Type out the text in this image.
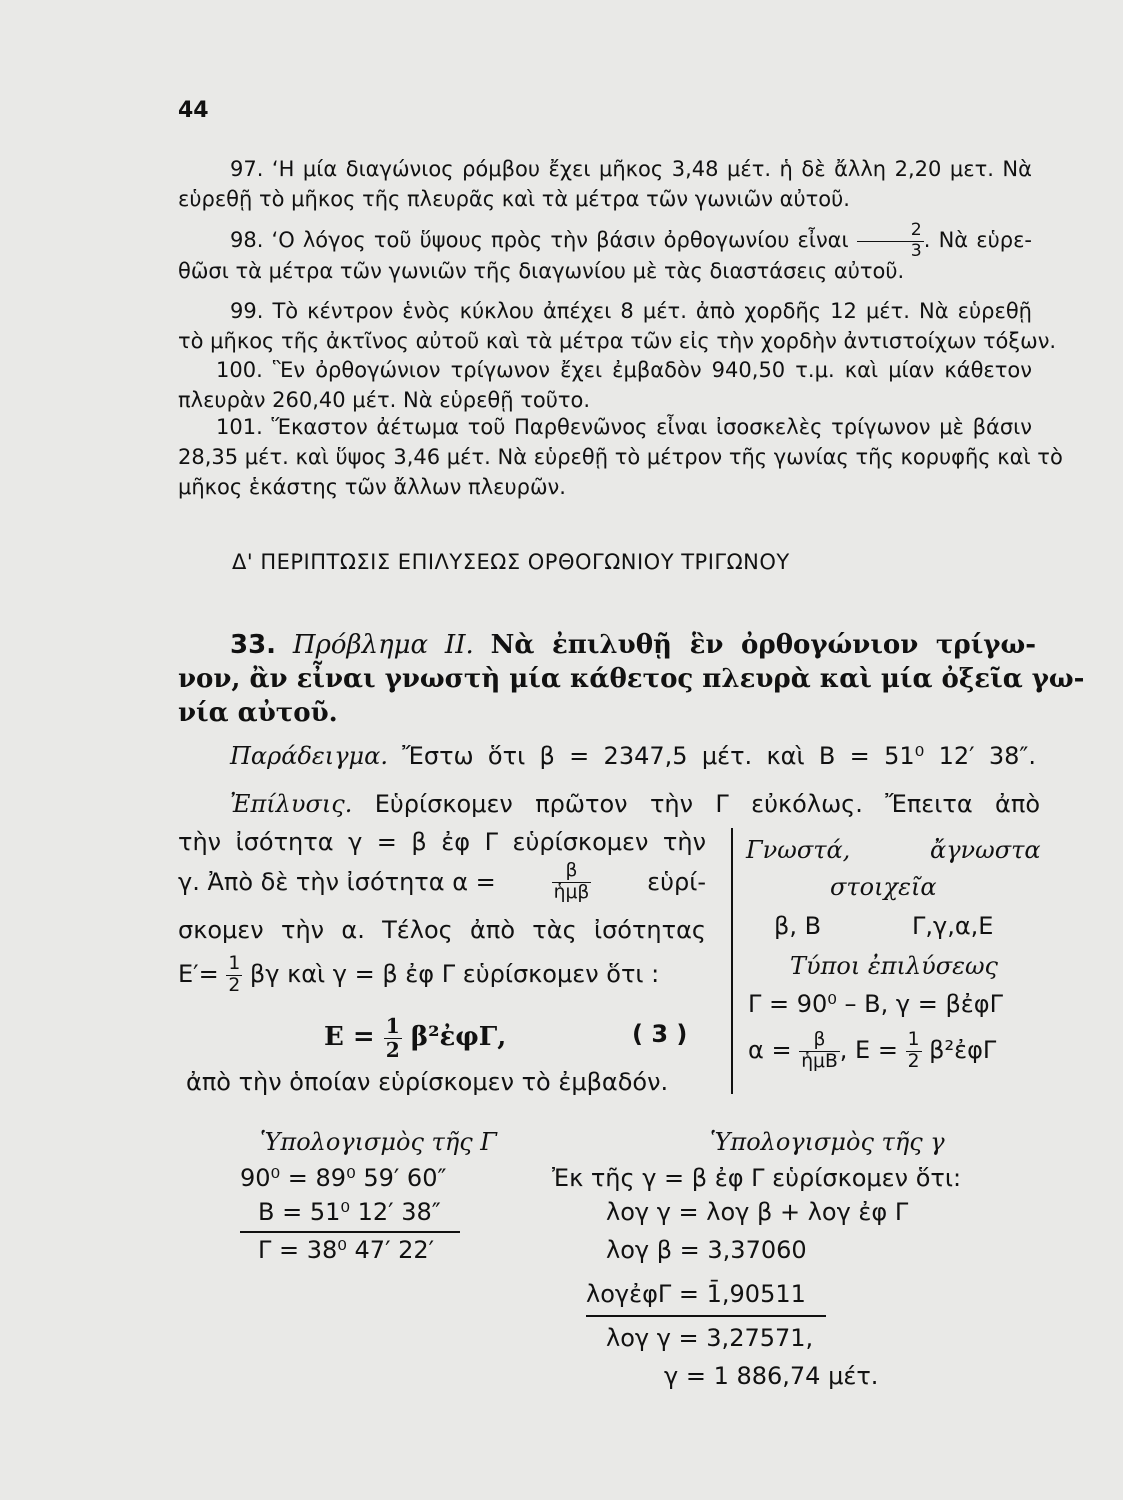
44
97. ‘Η μία διαγώνιος ρόμβου ἔχει μῆκος 3,48 μέτ. ἡ δὲ ἄλλη 2,20 μετ. Νὰ
εὑρεθῇ τὸ μῆκος τῆς πλευρᾶς καὶ τὰ μέτρα τῶν γωνιῶν αὐτοῦ.
98. ‘Ο λόγος τοῦ ὕψους πρὸς τὴν βάσιν ὀρθογωνίου εἶναι $\frac{2}{3}$ . Νὰ εὑρε-
θῶσι τὰ μέτρα τῶν γωνιῶν τῆς διαγωνίου μὲ τὰς διαστάσεις αὐτοῦ.
99. Τὸ κέντρον ἑνὸς κύκλου ἀπέχει 8 μέτ. ἀπὸ χορδῆς 12 μέτ. Νὰ εὑρεθῇ
τὸ μῆκος τῆς ἀκτῖνος αὐτοῦ καὶ τὰ μέτρα τῶν εἰς τὴν χορδὴν ἀντιστοίχων τόξων.
100. Ἓν ὀρθογώνιον τρίγωνον ἔχει ἐμβαδὸν 940,50 τ.μ. καὶ μίαν κάθετον
πλευρὰν 260,40 μέτ. Νὰ εὑρεθῇ τοῦτο.
101. Ἕκαστον ἀέτωμα τοῦ Παρθενῶνος εἶναι ἰσοσκελὲς τρίγωνον μὲ βάσιν
28,35 μέτ. καὶ ὕψος 3,46 μέτ. Νὰ εὑρεθῇ τὸ μέτρον τῆς γωνίας τῆς κορυφῆς καὶ τὸ
μῆκος ἑκάστης τῶν ἄλλων πλευρῶν.
Δ' ΠΕΡΙΠΤΩΣΙΣ ΕΠΙΛΥΣΕΩΣ ΟΡΘΟΓΩΝΙΟΥ ΤΡΙΓΩΝΟΥ
33. Πρόβλημα II. Νὰ ἐπιλυθῇ ἓν ὀρθογώνιον τρίγω-
νον, ἂν εἶναι γνωστὴ μία κάθετος πλευρὰ καὶ μία ὀξεῖα γω-
νία αὐτοῦ.
Παράδειγμα. Ἔστω ὅτι β = 2347,5 μέτ. καὶ Β = 51⁰ 12′ 38″.
Ἐπίλυσις. Εὑρίσκομεν πρῶτον τὴν Γ εὐκόλως. Ἔπειτα ἀπὸ
τὴν ἰσότητα γ = β ἐφ Γ εὑρίσκομεν τὴν
γ. Ἀπὸ δὲ τὴν ἰσότητα α =	$\frac{\beta}{\text{ἡμβ}}$ εὑρί-
σκομεν τὴν α. Τέλος ἀπὸ τὰς ἰσότητας
$E'= \frac{1}{2}$ βγ καὶ γ = β ἐφ Γ εὑρίσκομεν ὅτι :
$E = \frac{1}{2}$ β²ἐφΓ,	( 3 )
ἀπὸ τὴν ὁποίαν εὑρίσκομεν τὸ ἐμβαδόν.
Γνωστά,	ἄγνωστα
στοιχεῖα
β, Β	Γ,γ,α,Ε
Τύποι ἐπιλύσεως
Γ = 90⁰ – Β, γ = βἐφΓ
$\alpha = \frac{\beta}{\text{ἡμΒ}}$ , $E = \frac{1}{2}$ β²ἐφΓ
Ὑπολογισμὸς τῆς Γ
90⁰ = 89⁰ 59′ 60″
Β = 51⁰ 12′ 38″
Γ = 38⁰ 47′ 22′
Ὑπολογισμὸς τῆς γ
Ἐκ τῆς γ = β ἐφ Γ εὑρίσκομεν ὅτι:
λογ γ = λογ β + λογ ἐφ Γ
λογ β = 3,37060
λογἐφΓ = 1̄,90511
λογ γ = 3,27571,
γ = 1 886,74 μέτ.
